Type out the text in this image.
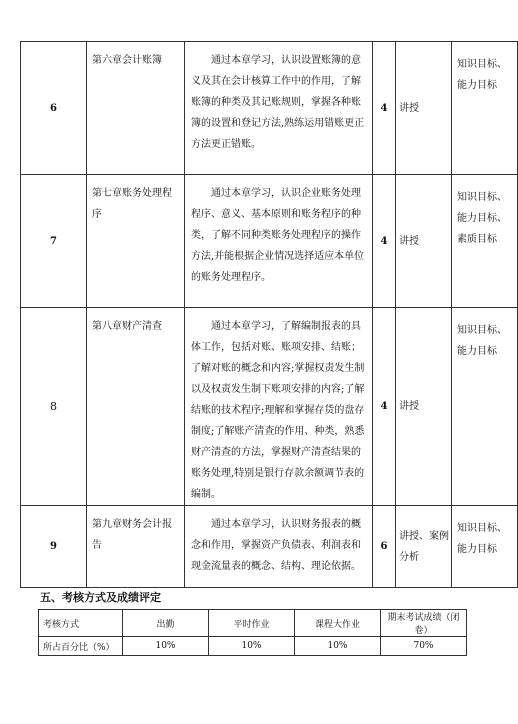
6	第六章会计账簿	通过本章学习，认识设置账簿的意义及其在会计核算工作中的作用，了解账簿的种类及其记账规则，掌握各种账簿的设置和登记方法,熟练运用错账更正方法更正错账。	4	讲授	知识目标、能力目标
7	第七章账务处理程序	通过本章学习，认识企业账务处理程序、意义、基本原则和账务程序的种类，了解不同种类账务处理程序的操作方法,并能根据企业情况选择适应本单位的账务处理程序。	4	讲授	知识目标、能力目标、素质目标
8	第八章财产清查	通过本章学习，了解编制报表的具体工作，包括对账、账项安排、结账；了解对账的概念和内容;掌握权责发生制以及权责发生制下账项安排的内容;了解结账的技术程序;理解和掌握存货的盘存制度;了解账产清查的作用、种类，熟悉财产清查的方法，掌握财产清查结果的账务处理,特别是银行存款余额调节表的编制。	4	讲授	知识目标、能力目标
9	第九章财务会计报告	通过本章学习，认识财务报表的概念和作用，掌握资产负债表、利润表和现金流量表的概念、结构、理论依据。	6	讲授、案例分析	知识目标、能力目标
五、考核方式及成绩评定
考核方式	出勤	平时作业	课程大作业	期末考试成绩（闭卷）
所占百分比（%）	10%	10%	10%	70%
